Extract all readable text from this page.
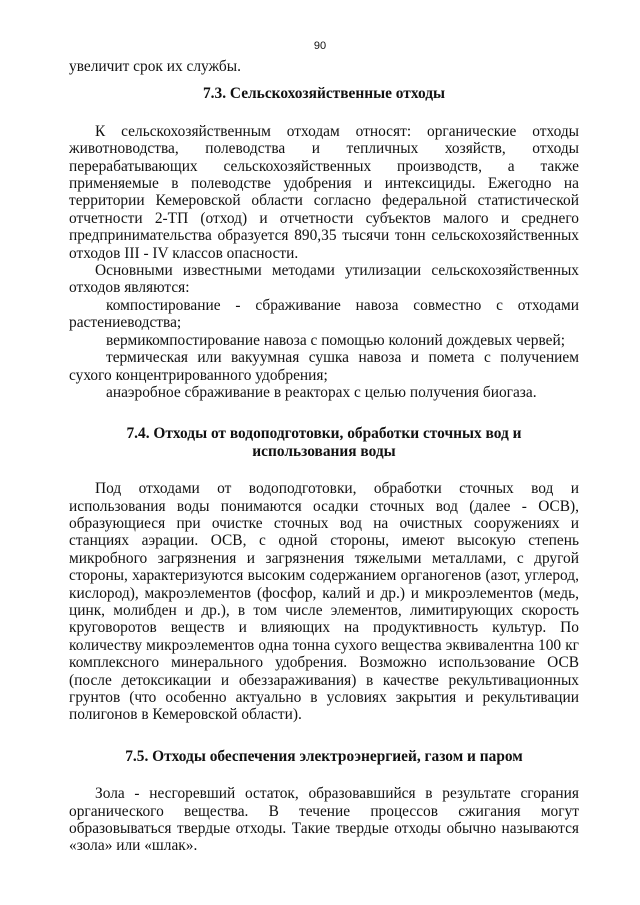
90

увеличит срок их службы.

7.3. Сельскохозяйственные отходы

К сельскохозяйственным отходам относят: органические отходы животноводства, полеводства и тепличных хозяйств, отходы перерабатывающих сельскохозяйственных производств, а также применяемые в полеводстве удобрения и интексициды. Ежегодно на территории Кемеровской области согласно федеральной статистической отчетности 2-ТП (отход) и отчетности субъектов малого и среднего предпринимательства образуется 890,35 тысячи тонн сельскохозяйственных отходов III - IV классов опасности.

Основными известными методами утилизации сельскохозяйственных отходов являются:

компостирование - сбраживание навоза совместно с отходами растениеводства;

вермикомпостирование навоза с помощью колоний дождевых червей;

термическая или вакуумная сушка навоза и помета с получением сухого концентрированного удобрения;

анаэробное сбраживание в реакторах с целью получения биогаза.

7.4. Отходы от водоподготовки, обработки сточных вод и

использования воды

Под отходами от водоподготовки, обработки сточных вод и использования воды понимаются осадки сточных вод (далее - ОСВ), образующиеся при очистке сточных вод на очистных сооружениях и станциях аэрации. ОСВ, с одной стороны, имеют высокую степень микробного загрязнения и загрязнения тяжелыми металлами, с другой стороны, характеризуются высоким содержанием органогенов (азот, углерод, кислород), макроэлементов (фосфор, калий и др.) и микроэлементов (медь, цинк, молибден и др.), в том числе элементов, лимитирующих скорость круговоротов веществ и влияющих на продуктивность культур. По количеству микроэлементов одна тонна сухого вещества эквивалентна 100 кг комплексного минерального удобрения. Возможно использование ОСВ (после детоксикации и обеззараживания) в качестве рекультивационных грунтов (что особенно актуально в условиях закрытия и рекультивации полигонов в Кемеровской области).

7.5. Отходы обеспечения электроэнергией, газом и паром

Зола - несгоревший остаток, образовавшийся в результате сгорания органического вещества. В течение процессов сжигания могут образовываться твердые отходы. Такие твердые отходы обычно называются «зола» или «шлак».
